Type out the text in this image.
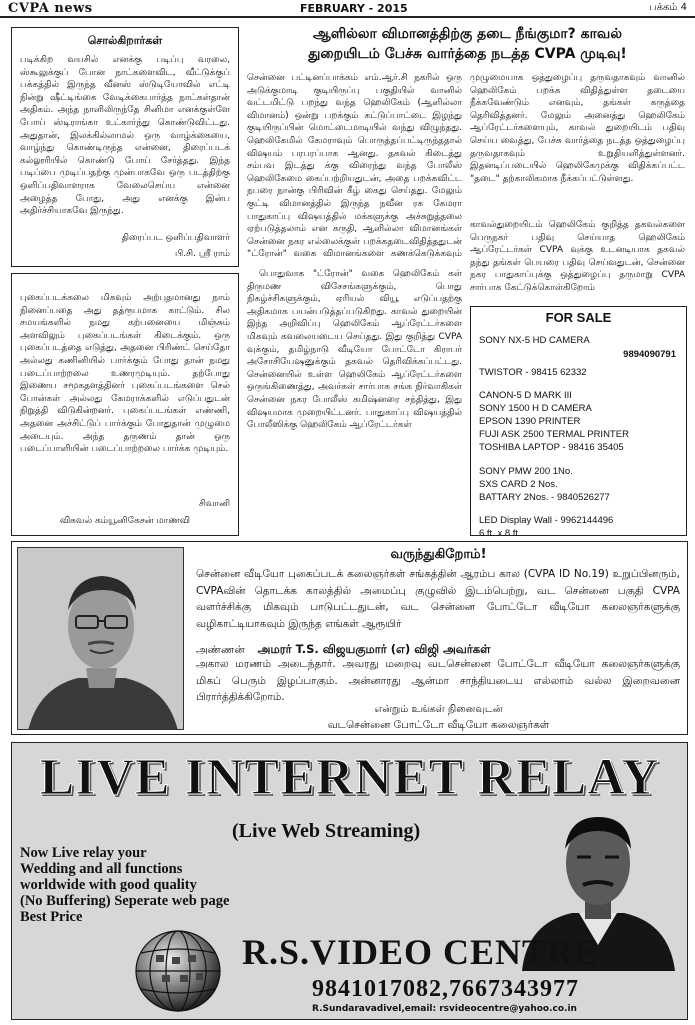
CVPA news	FEBRUARY - 2015	பக்கம் 4
சொல்கிறார்கள்
படிக்கிற வயசில் எனக்கு படிப்பு வரலை, ஸ்கூலுக்குப் போன நாட்களைவிட, வீட்டுக்குப் பக்கத்தில் இருந்த வீனஸ் ஸ்டுடியோவில் எட்டி நின்று ஷீட்டிங்கை வேடிக்கைபார்த்த நாட்கள்தான் அதிகம். அந்த நாளிலிருந்தே சினிமா எனக்குள்ளே போய் ஸ்டிராங்கா உட்கார்ந்து கொண்டுவிட்டது. அதுதான், இலக்கில்லாமல் ஒரு வாழ்க்கையை, வாழ்ந்து கொண்டிருந்த என்னை, திரைப்படக் கல்லூரியில் கொண்டு போய் சேர்த்தது. இந்த படிப்பை முடிப்பதற்கு முன்பாகவே ஒரு படத்திற்கு ஒளிப்பதிவாளராக வேலைசெய்ய என்னை அழைத்த போது, அது எனக்கு இன்ப அதிர்ச்சியாகவே இருந்து.
திரைப்பட ஒளிப்பதிவாளர்
பி.சி. ஸ்ரீ ராம்
புகைப்படக்கலை மிகவும் அற்புதமானது நாம் நினைப்பதை அது தத்ரூபமாக காட்டும். சில சமயங்களில் நமது கற்பனையை மிஞ்சும் அளவிலும் புகைப்படங்கள் கிடைக்கும். ஒரு புகைப்படத்தை எடுத்து, அதனை பிரிண்ட் செய்தோ அல்லது கணினியில் பார்க்கும் போது தான் நமது படைப்பாற்றலை உணரமுடியும். தற்போது இணைய சமூகதளத்தினர் புகைப்படங்களை செல் போன்கள் அல்லது கேமராக்களில் எடுப்பதுடன் நிறுத்தி விடுகின்றனர். புகைப்படங்கள் எண்ணி, அதனை அச்சிட்டுப் பார்க்கும் போதுதான் முழுமை அடையும். அந்த தருணம் தான் ஒரு படைப்பாளியின் படைப்பாற்றலை பார்க்க முடியும்.
சிவானி
விசுவல் கம்யூனிகேசன் மாணவி
ஆளில்லா விமானத்திற்கு தடை நீங்குமா? காவல்
துறையிடம் பேச்சு வார்த்தை நடத்த CVPA முடிவு!
சென்னை பட்டினப்பாக்கம் எம்.ஆர்.சி நகரில் ஒரு அடுக்குமாடி குடியிருப்பு பகுதியில் வானில் வட்டமிட்டு பறந்து வந்த ஹெலிகேம் (ஆளில்லா விமானம்) ஒன்று பறக்கும் கட்டுப்பாட்டை இழந்து குடியிருப்பின் மொட்டைமாடியில் வந்து விழுந்தது. ஹெலிகேமில் கேமராவும் பொருத்தப்பட்டிருந்ததால் விஷயம் பரபரப்பாக ஆனது. தகவல் கிடைத்து சம்பவ இடத்து க்கு விரைந்து வந்த போலீஸ் ஹெலிகேமை கைப்பற்றியதுடன், அதை பறக்கவிட்ட நபரை நான்கு பிரிவின் கீழ் கைது செய்தது. மேலும் குட்டி விமானத்தில் இருந்த நவீன ரக கேமரா பாதுகாப்பு விஷயத்தில் மக்களுக்கு அச்சுறுத்தலை ஏற்படுத்தலாம் என கருதி, ஆளில்லா விமானங்கள் சென்னை நகர எல்லைக்குள் பறக்கதடைவிதித்ததுடன் "ட்ரோன்" வகை விமானங்களை கணக்கெடுக்கவும்
பொதுவாக "ட்ரோன்" வகை ஹெலிகேம் கள் திருமண விசேசங்களுக்கும், பொது நிகழ்ச்சிகளுக்கும், ஏரியல் வியூ எடுப்பதற்கு அதிகமாக பயன்படுத்தப்படுகிறது. காவல் துறையின் இந்த அறிவிப்பு ஹெலிகேம் ஆப்ரேட்டர்களை மிகவும் கவலையடைய செய்தது. இது குறித்து CVPA வுக்கும், தமிழ்நாடு வீடியோ போட்டோ கிராபர் அசோசியேஷனுக்கும் தகவல் தெரிவிக்கப்பட்டது. சென்னையில் உள்ள ஹெலிகேம் ஆப்ரேட்டர்களை ஒருங்கிணைத்து, அவர்கள் சார்பாக சங்க நிர்வாகிகள் சென்னை நகர போலீஸ் கமிஷ்னரை சந்தித்து, இது விஷயமாக முறையிட்டனர். பாதுகாப்பு விஷயத்தில் போலீஸிக்கு ஹெலிகேம் ஆப்ரேட்டர்கள்
முழுமையாக ஒத்துழைப்பு தருவதாகவும் வானில் ஹெலிகேம் பறக்க விதித்துள்ள தடையை நீக்கவேண்டும் எனவும், தங்கள் கருத்தை தெரிவித்தனர். மேலும் அனைத்து ஹெலிகேம் ஆப்ரேட்டர்களையும், காவல் துறையிடம் பதிவு செய்ய வைத்து, பேச்சு வார்த்தை நடத்த ஒத்துழைப்பு தருவதாகவும் உறுதியளித்துள்ளனர். இதனடிப்படையில் ஹெலிகேமுக்கு விதிக்கப்பட்ட "தடை" தற்காலிகமாக நீக்கப்பட்டுள்ளது.
காவல்துறையிடம் ஹெலிகேம் குறித்த தகவல்களை பெருநகர் பதிவு செய்யாத ஹெலிகேம் ஆப்ரேட்டர்கள் CVPA வுக்கு உடனடியாக தகவல் தந்து தங்கள் பெயரை பதிவு செய்வதுடன், சென்னை நகர பாதுகாப்புக்கு ஒத்துழைப்பு தருமாறு CVPA சார்பாக கேட்டுக்கொள்கிறோம்
FOR SALE
SONY NX-5 HD CAMERA
9894090791
TWISTOR - 98415 62332
CANON-5 D MARK III
SONY 1500 H D CAMERA
EPSON 1390 PRINTER
FUJI ASK 2500 TERMAL PRINTER
TOSHIBA LAPTOP - 98416 35405
SONY PMW 200 1No.
SXS CARD 2 Nos.
BATTARY 2Nos. - 9840526277
LED Display Wall - 9962144496
6 ft. x 8 ft.
வருந்துகிறோம்!
சென்னை வீடியோ புகைப்படக் கலைஞர்கள் சங்கத்தின் ஆரம்ப கால (CVPA ID No.19) உறுப்பினரும், CVPAவின் தொடக்க காலத்தில் அமைப்பு குழுவில் இடம்பெற்று, வட சென்னை பகுதி CVPA வளர்ச்சிக்கு மிகவும் பாடுபட்டதுடன், வட சென்னை போட்டோ வீடியோ கலைஞர்களுக்கு வழிகாட்டியாகவும் இருந்த எங்கள் ஆரூயிர்
அண்ணன் அமரர் T.S. விஜயகுமார் (எ) விஜி அவர்கள்
அகால மரணம் அடைந்தார். அவரது மறைவு வடசென்னை போட்டோ வீடியோ கலைஞர்களுக்கு மிகப் பெரும் இழப்பாகும். அன்னாரது ஆன்மா சாந்தியடைய எல்லாம் வல்ல இறைவனை பிரார்த்திக்கிறோம்.
என்றும் உங்கள் நினைவுடன்
வடசென்னை போட்டோ வீடியோ கலைஞர்கள்
LIVE INTERNET RELAY
(Live Web Streaming)
Now Live relay your
Wedding and all functions
worldwide with good quality
(No Buffering) Seperate web page
Best Price
R.S.VIDEO CENTRE
9841017082,7667343977
R.Sundaravadivel,email: rsvideocentre@yahoo.co.in
